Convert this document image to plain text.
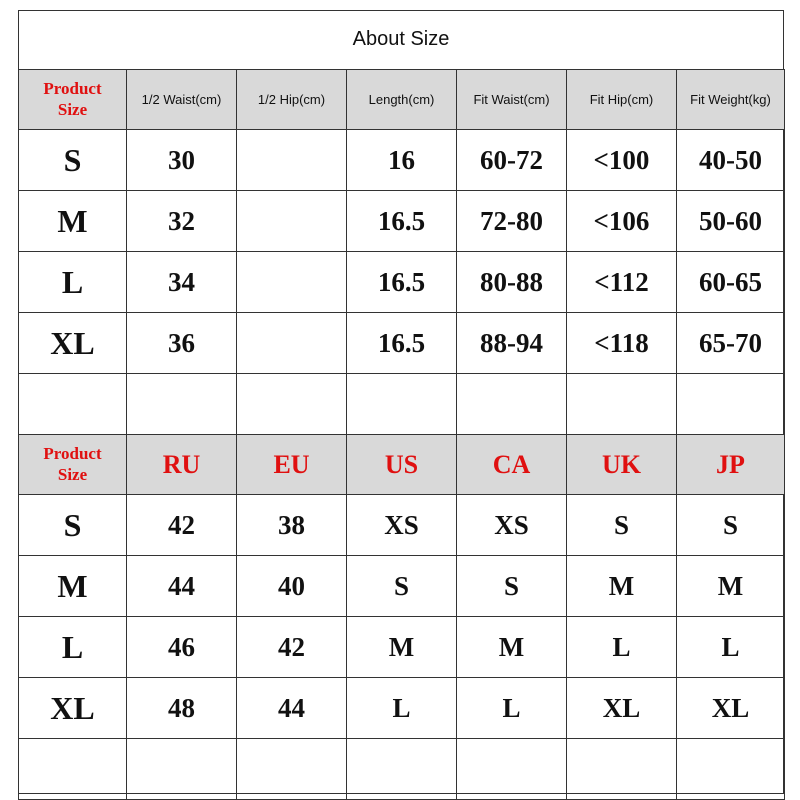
About Size
Product
Size	1/2 Waist(cm)	1/2 Hip(cm)	Length(cm)	Fit Waist(cm)	Fit Hip(cm)	Fit Weight(kg)
S	30		16	60-72	<100	40-50
M	32		16.5	72-80	<106	50-60
L	34		16.5	80-88	<112	60-65
XL	36		16.5	88-94	<118	65-70

Product
Size	RU	EU	US	CA	UK	JP
S	42	38	XS	XS	S	S
M	44	40	S	S	M	M
L	46	42	M	M	L	L
XL	48	44	L	L	XL	XL
